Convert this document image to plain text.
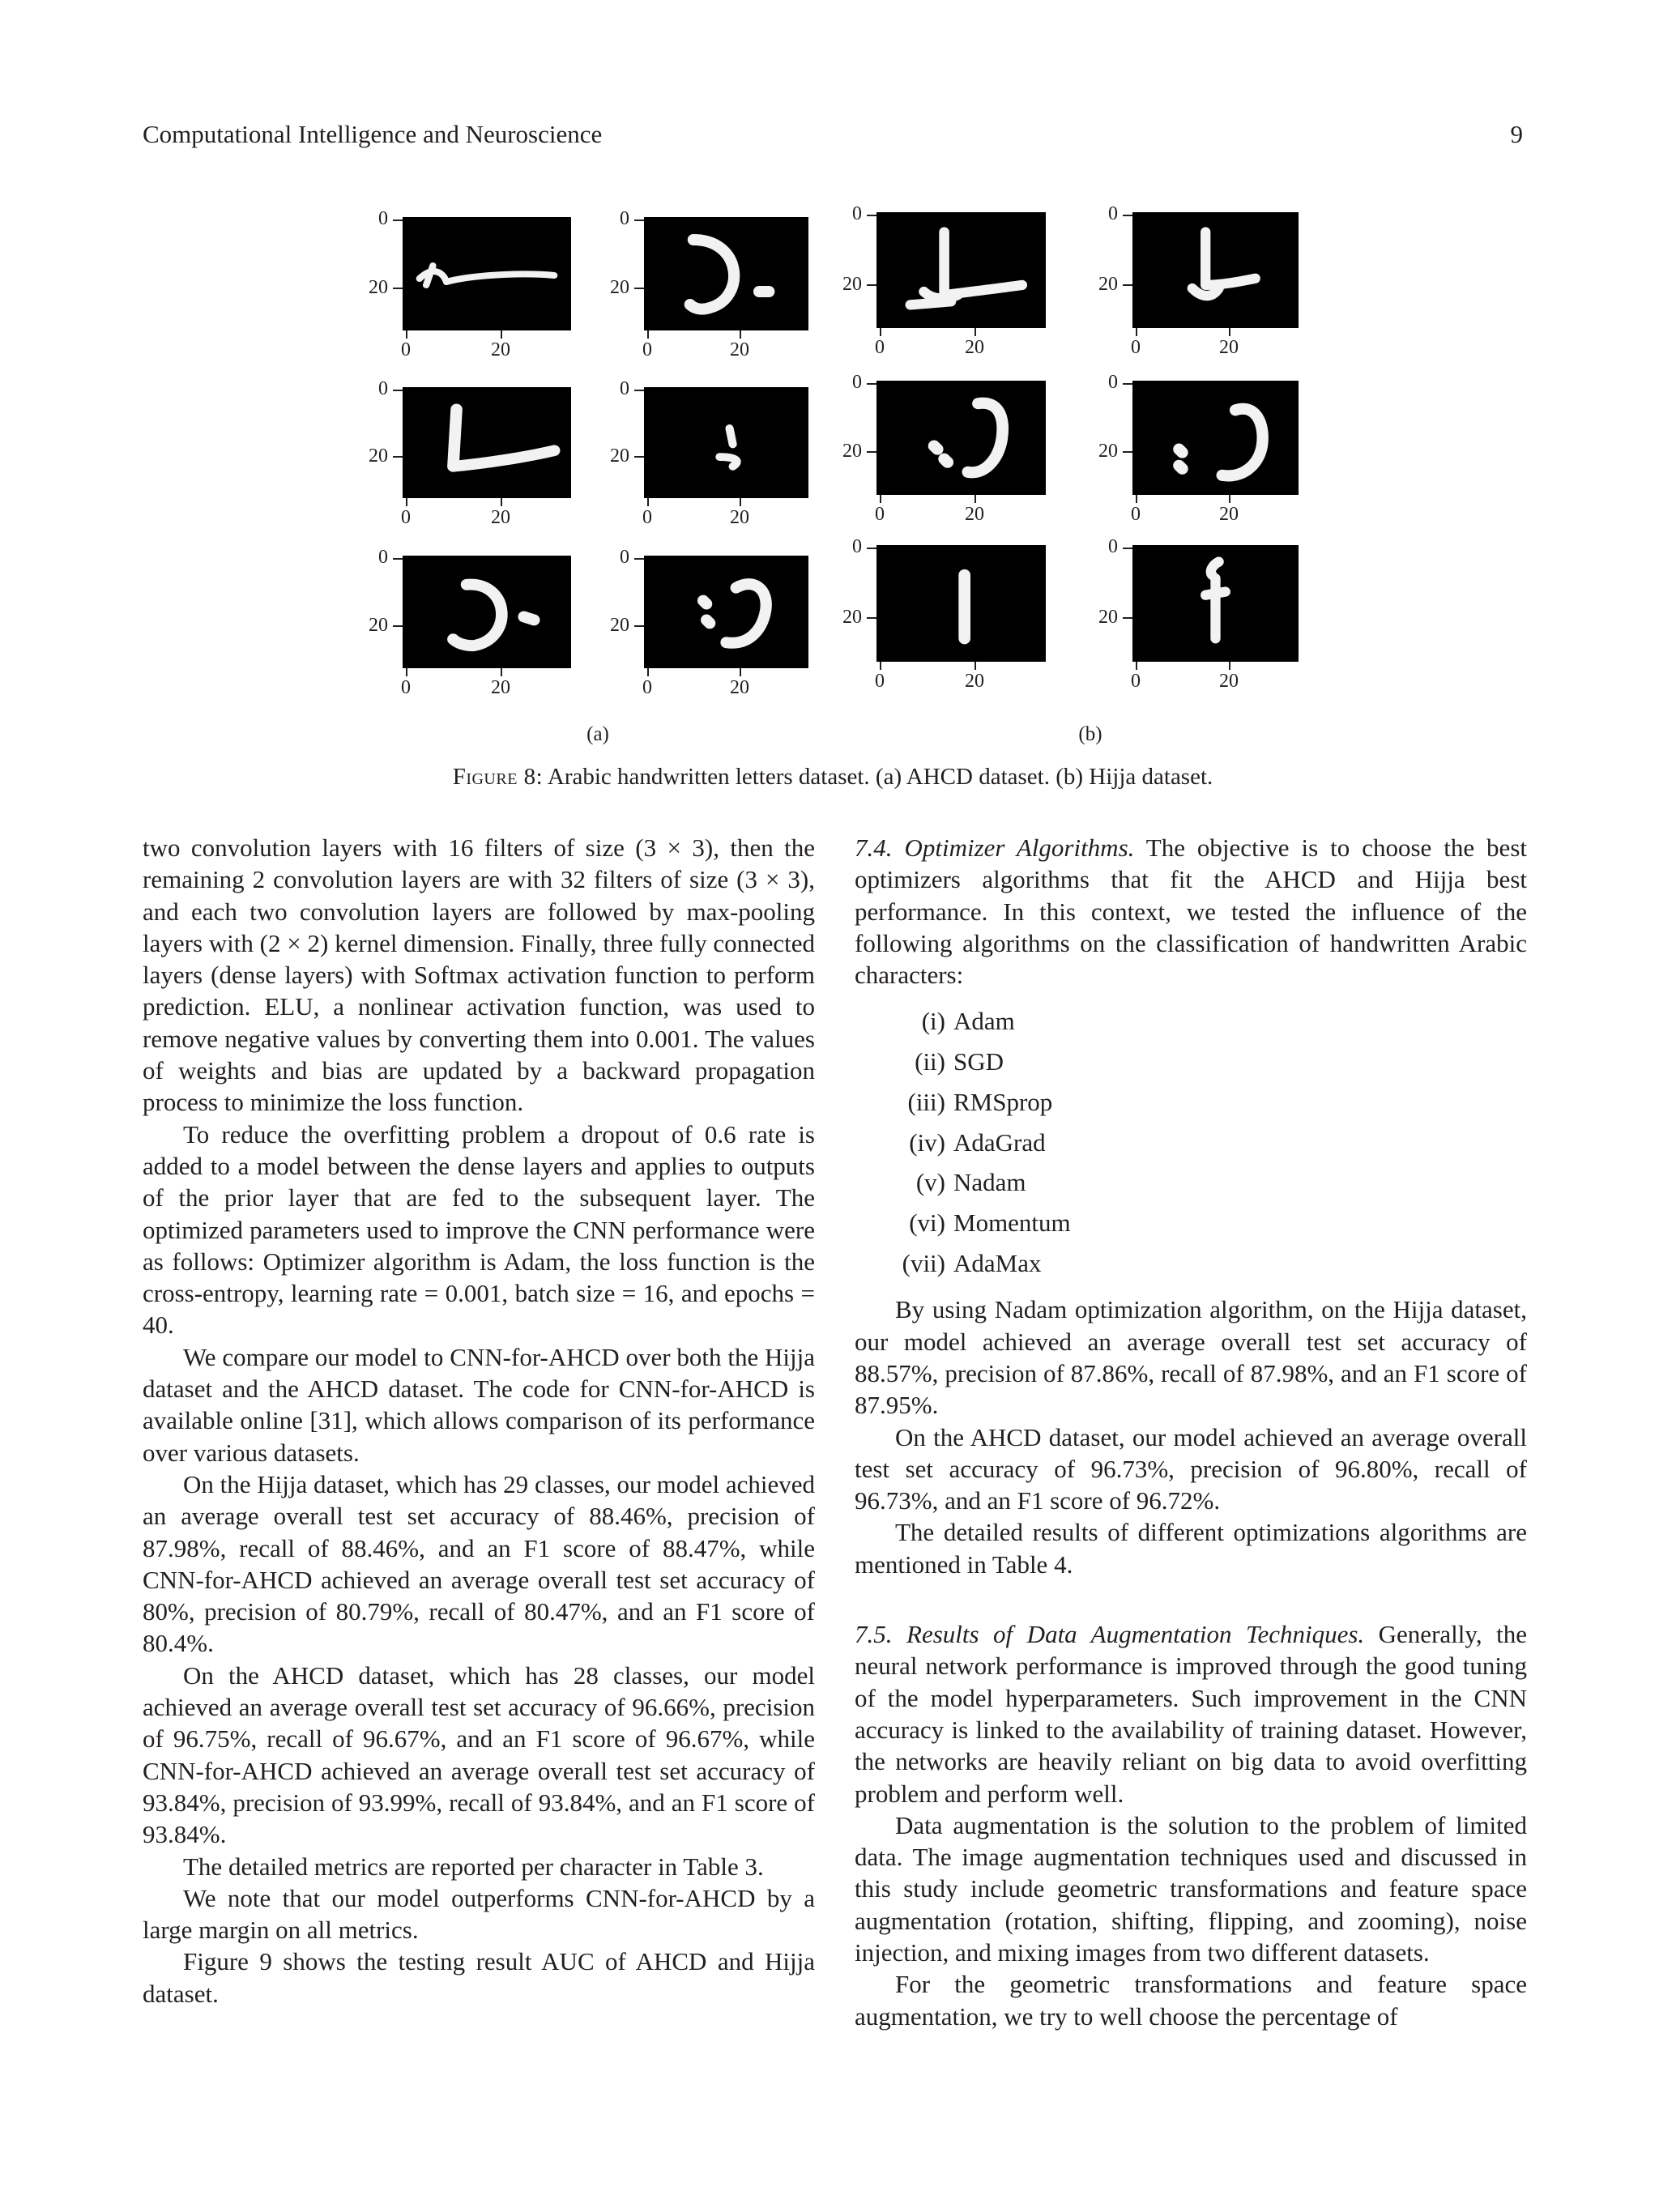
Computational Intelligence and Neuroscience	9
0
20
0	20
0
20
0	20
0
20
0	20
0
20
0	20
0
20
0	20
0
20
0	20
0
20
0	20
0
20
0	20
0
20
0	20
0
20
0	20
0
20
0	20
0
20
0	20
(a)	(b)
Figure 8: Arabic handwritten letters dataset. (a) AHCD dataset. (b) Hijja dataset.

two convolution layers with 16 filters of size (3 × 3), then the remaining 2 convolution layers are with 32 filters of size (3 × 3), and each two convolution layers are followed by max-pooling layers with (2 × 2) kernel dimension. Finally, three fully connected layers (dense layers) with Softmax activation function to perform prediction. ELU, a nonlinear activation function, was used to remove negative values by converting them into 0.001. The values of weights and bias are updated by a backward propagation process to minimize the loss function.

To reduce the overfitting problem a dropout of 0.6 rate is added to a model between the dense layers and applies to outputs of the prior layer that are fed to the subsequent layer. The optimized parameters used to improve the CNN performance were as follows: Optimizer algorithm is Adam, the loss function is the cross-entropy, learning rate = 0.001, batch size = 16, and epochs = 40.

We compare our model to CNN-for-AHCD over both the Hijja dataset and the AHCD dataset. The code for CNN-for-AHCD is available online [31], which allows comparison of its performance over various datasets.

On the Hijja dataset, which has 29 classes, our model achieved an average overall test set accuracy of 88.46%, precision of 87.98%, recall of 88.46%, and an F1 score of 88.47%, while CNN-for-AHCD achieved an average overall test set accuracy of 80%, precision of 80.79%, recall of 80.47%, and an F1 score of 80.4%.

On the AHCD dataset, which has 28 classes, our model achieved an average overall test set accuracy of 96.66%, precision of 96.75%, recall of 96.67%, and an F1 score of 96.67%, while CNN-for-AHCD achieved an average overall test set accuracy of 93.84%, precision of 93.99%, recall of 93.84%, and an F1 score of 93.84%.

The detailed metrics are reported per character in Table 3.

We note that our model outperforms CNN-for-AHCD by a large margin on all metrics.

Figure 9 shows the testing result AUC of AHCD and Hijja dataset.

7.4. Optimizer Algorithms. The objective is to choose the best optimizers algorithms that fit the AHCD and Hijja best performance. In this context, we tested the influence of the following algorithms on the classification of handwritten Arabic characters:

(i) Adam
(ii) SGD
(iii) RMSprop
(iv) AdaGrad
(v) Nadam
(vi) Momentum
(vii) AdaMax

By using Nadam optimization algorithm, on the Hijja dataset, our model achieved an average overall test set accuracy of 88.57%, precision of 87.86%, recall of 87.98%, and an F1 score of 87.95%.

On the AHCD dataset, our model achieved an average overall test set accuracy of 96.73%, precision of 96.80%, recall of 96.73%, and an F1 score of 96.72%.

The detailed results of different optimizations algorithms are mentioned in Table 4.

7.5. Results of Data Augmentation Techniques. Generally, the neural network performance is improved through the good tuning of the model hyperparameters. Such improvement in the CNN accuracy is linked to the availability of training dataset. However, the networks are heavily reliant on big data to avoid overfitting problem and perform well.

Data augmentation is the solution to the problem of limited data. The image augmentation techniques used and discussed in this study include geometric transformations and feature space augmentation (rotation, shifting, flipping, and zooming), noise injection, and mixing images from two different datasets.

For the geometric transformations and feature space augmentation, we try to well choose the percentage of
